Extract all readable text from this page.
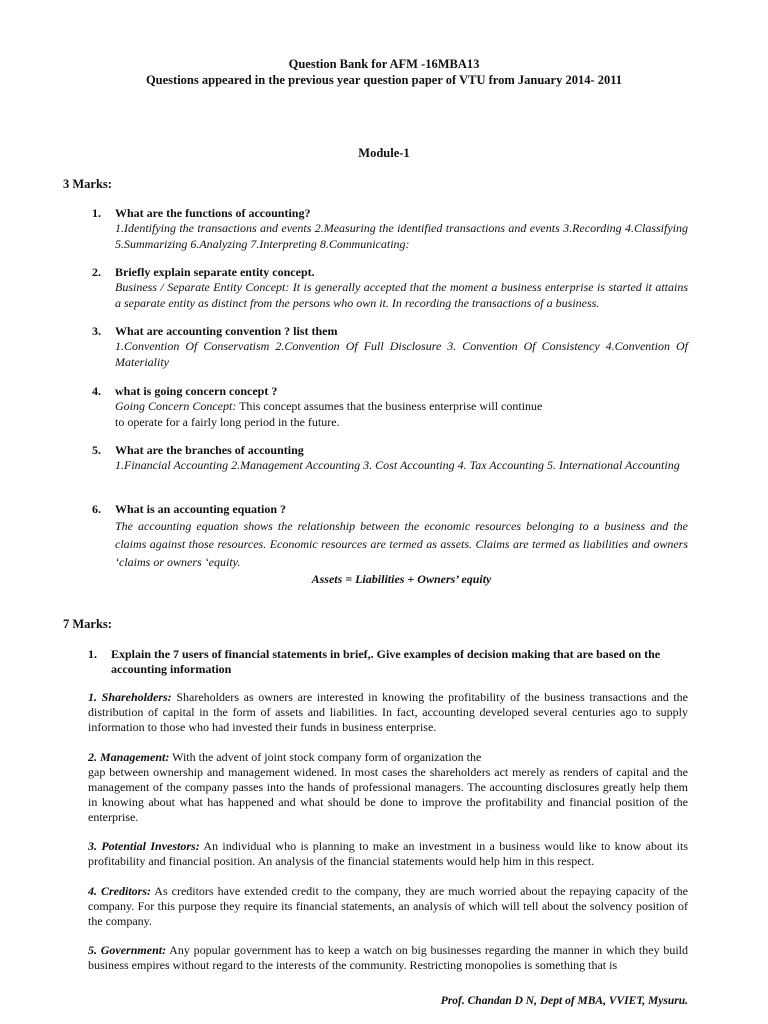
Question Bank for AFM -16MBA13
Questions appeared in the previous year question paper of VTU from January 2014- 2011
Module-1
3 Marks:
1. What are the functions of accounting?
1.Identifying the transactions and events 2.Measuring the identified transactions and events 3.Recording 4.Classifying 5.Summarizing 6.Analyzing 7.Interpreting 8.Communicating:
2. Briefly explain separate entity concept.
Business / Separate Entity Concept: It is generally accepted that the moment a business enterprise is started it attains a separate entity as distinct from the persons who own it. In recording the transactions of a business.
3. What are accounting convention ? list them
1.Convention Of Conservatism 2.Convention Of Full Disclosure 3. Convention Of Consistency 4.Convention Of Materiality
4. what is going concern concept ?
Going Concern Concept: This concept assumes that the business enterprise will continue
to operate for a fairly long period in the future.
5. What are the branches of accounting
1.Financial Accounting 2.Management Accounting 3. Cost Accounting 4. Tax Accounting 5. International Accounting
6. What is an accounting equation ?
The accounting equation shows the relationship between the economic resources belonging to a business and the claims against those resources. Economic resources are termed as assets. Claims are termed as liabilities and owners ‘claims or owners ‘equity.
Assets = Liabilities + Owners’ equity
7 Marks:
1. Explain the 7 users of financial statements in brief,. Give examples of decision making that are based on the accounting information
1. Shareholders: Shareholders as owners are interested in knowing the profitability of the business transactions and the distribution of capital in the form of assets and liabilities. In fact, accounting developed several centuries ago to supply information to those who had invested their funds in business enterprise.
2. Management: With the advent of joint stock company form of organization the
gap between ownership and management widened. In most cases the shareholders act merely as renders of capital and the management of the company passes into the hands of professional managers. The accounting disclosures greatly help them in knowing about what has happened and what should be done to improve the profitability and financial position of the enterprise.
3. Potential Investors: An individual who is planning to make an investment in a business would like to know about its profitability and financial position. An analysis of the financial statements would help him in this respect.
4. Creditors: As creditors have extended credit to the company, they are much worried about the repaying capacity of the company. For this purpose they require its financial statements, an analysis of which will tell about the solvency position of the company.
5. Government: Any popular government has to keep a watch on big businesses regarding the manner in which they build business empires without regard to the interests of the community. Restricting monopolies is something that is
Prof. Chandan D N, Dept of MBA, VVIET, Mysuru.
